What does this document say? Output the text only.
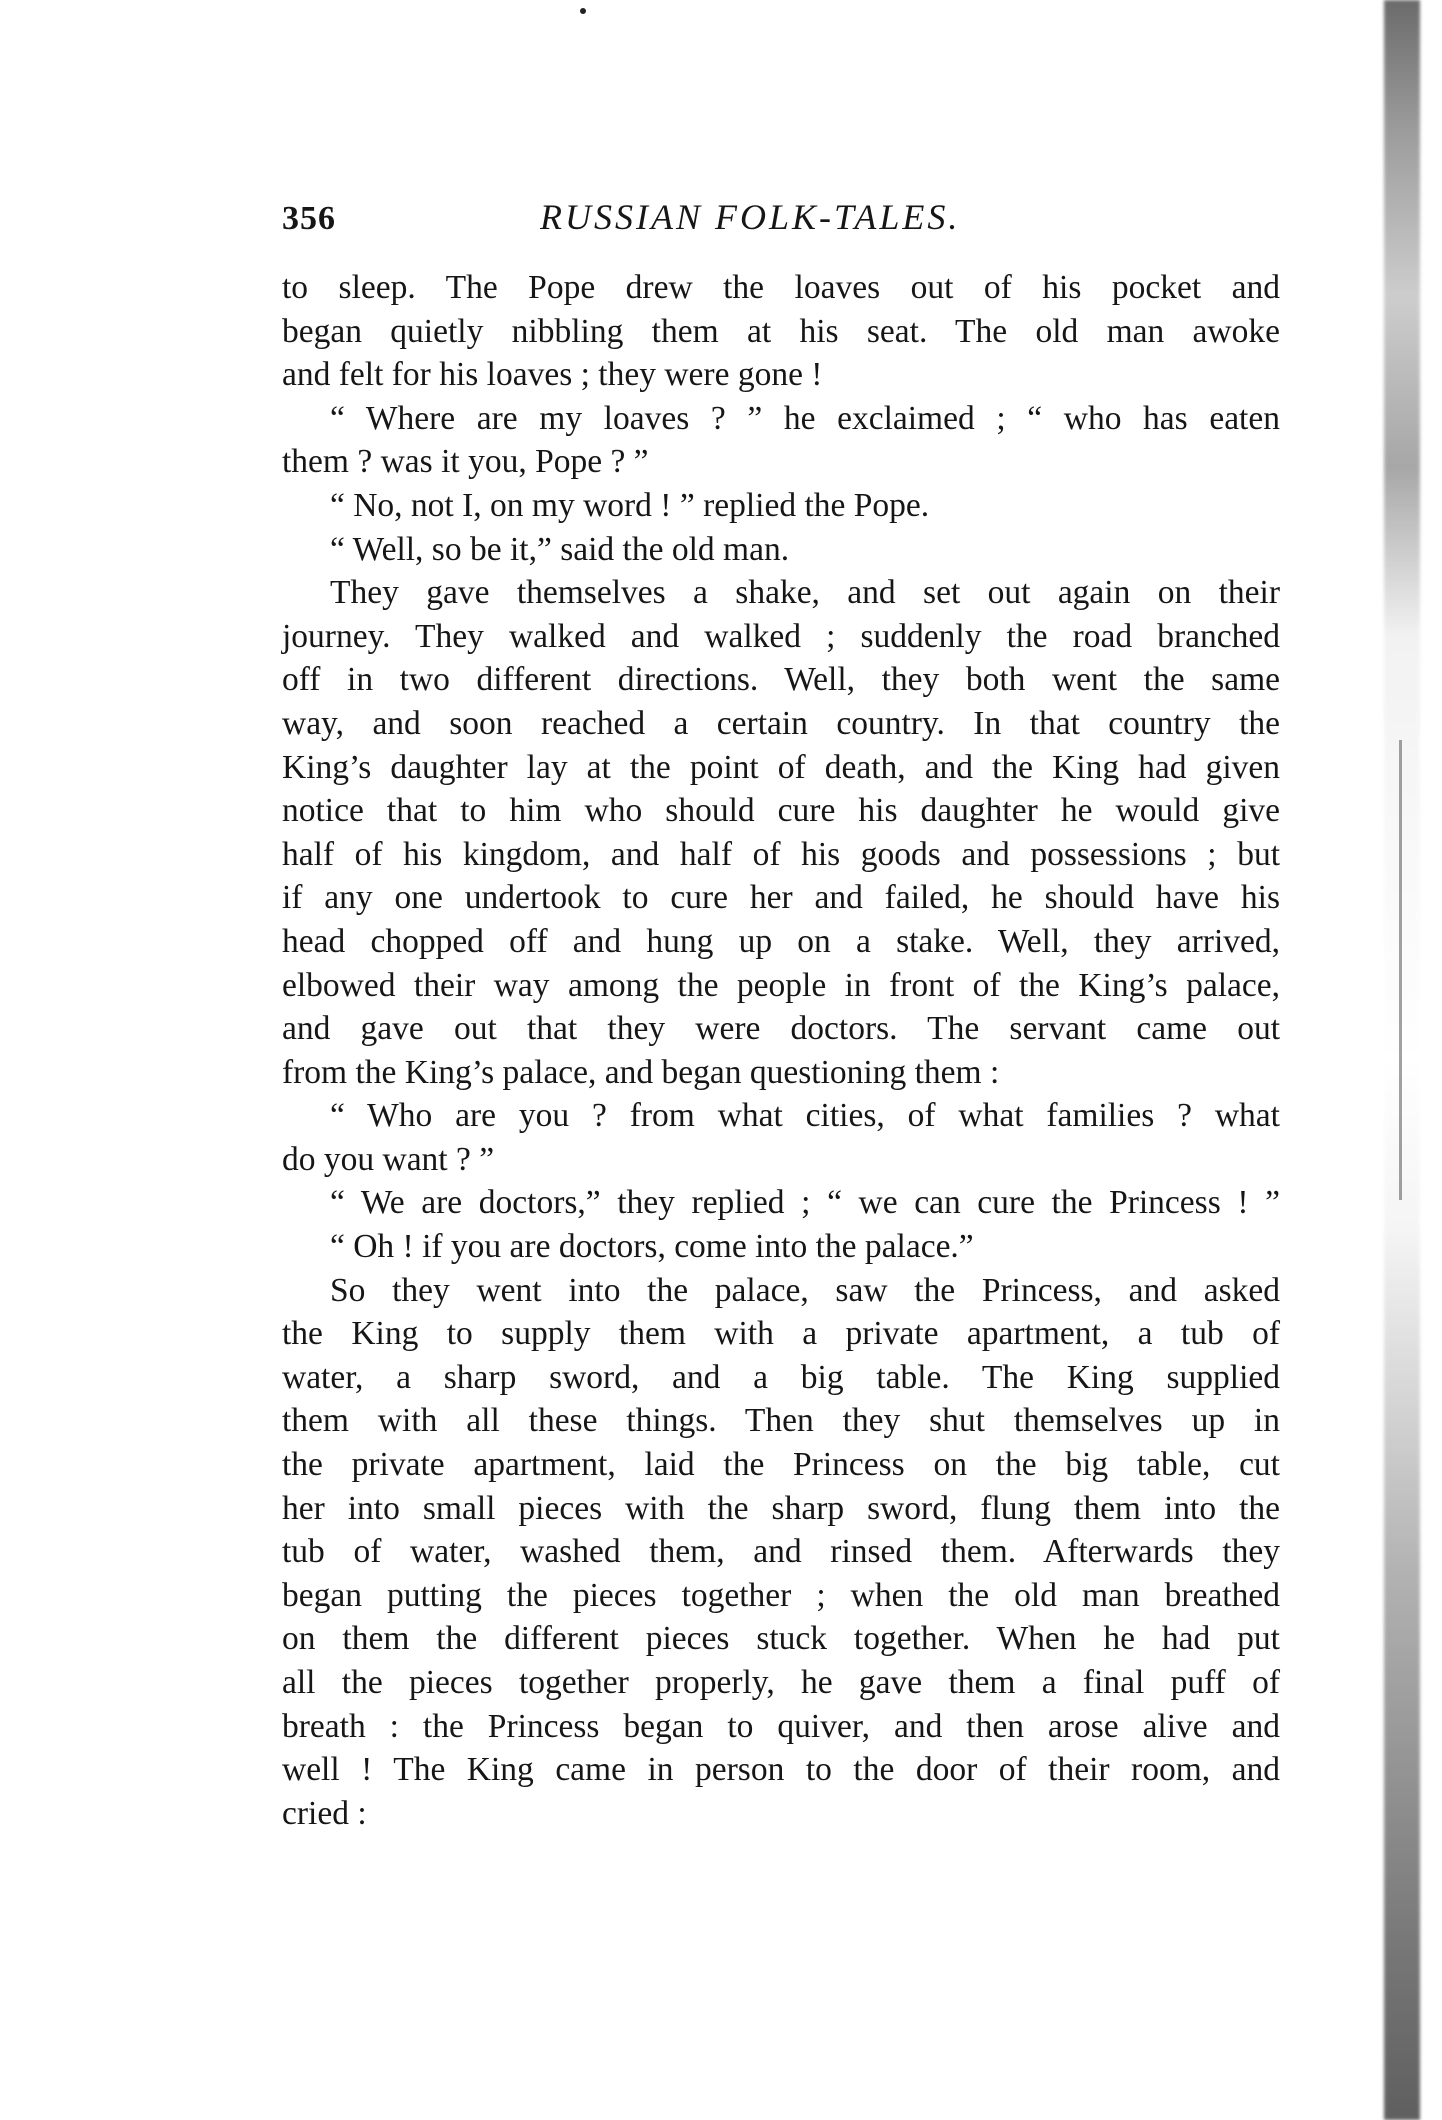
356	RUSSIAN FOLK-TALES.
to sleep. The Pope drew the loaves out of his pocket and
began quietly nibbling them at his seat. The old man awoke
and felt for his loaves ; they were gone !
“ Where are my loaves ? ” he exclaimed ; “ who has eaten
them ? was it you, Pope ? ”
“ No, not I, on my word ! ” replied the Pope.
“ Well, so be it,” said the old man.
They gave themselves a shake, and set out again on their
journey. They walked and walked ; suddenly the road branched
off in two different directions. Well, they both went the same
way, and soon reached a certain country. In that country the
King’s daughter lay at the point of death, and the King had given
notice that to him who should cure his daughter he would give
half of his kingdom, and half of his goods and possessions ; but
if any one undertook to cure her and failed, he should have his
head chopped off and hung up on a stake. Well, they arrived,
elbowed their way among the people in front of the King’s palace,
and gave out that they were doctors. The servant came out
from the King’s palace, and began questioning them :
“ Who are you ? from what cities, of what families ? what
do you want ? ”
“ We are doctors,” they replied ; “ we can cure the Princess ! ”
“ Oh ! if you are doctors, come into the palace.”
So they went into the palace, saw the Princess, and asked
the King to supply them with a private apartment, a tub of
water, a sharp sword, and a big table. The King supplied
them with all these things. Then they shut themselves up in
the private apartment, laid the Princess on the big table, cut
her into small pieces with the sharp sword, flung them into the
tub of water, washed them, and rinsed them. Afterwards they
began putting the pieces together ; when the old man breathed
on them the different pieces stuck together. When he had put
all the pieces together properly, he gave them a final puff of
breath : the Princess began to quiver, and then arose alive and
well ! The King came in person to the door of their room, and
cried :
